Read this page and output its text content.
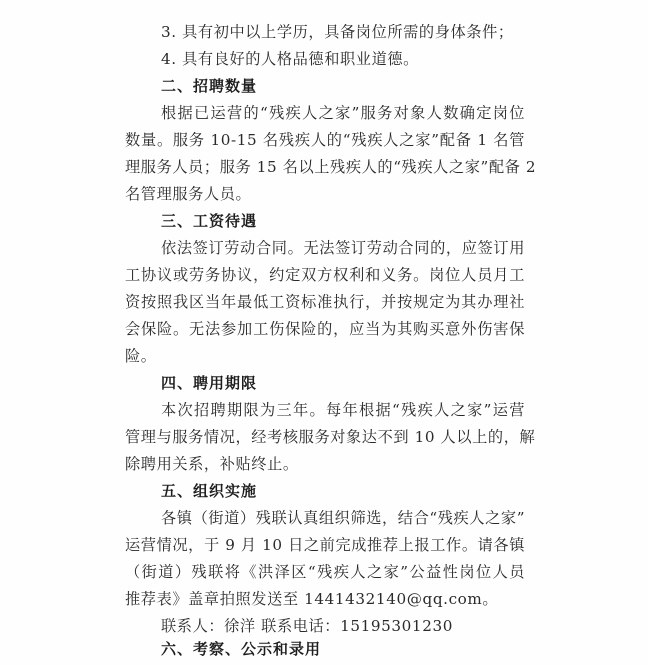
3. 具有初中以上学历，具备岗位所需的身体条件；
4. 具有良好的人格品德和职业道德。
二、招聘数量
根据已运营的“残疾人之家”服务对象人数确定岗位
数量。服务 10-15 名残疾人的“残疾人之家”配备 1 名管
理服务人员；服务 15 名以上残疾人的“残疾人之家”配备 2
名管理服务人员。
三、工资待遇
依法签订劳动合同。无法签订劳动合同的，应签订用
工协议或劳务协议，约定双方权利和义务。岗位人员月工
资按照我区当年最低工资标准执行，并按规定为其办理社
会保险。无法参加工伤保险的，应当为其购买意外伤害保
险。
四、聘用期限
本次招聘期限为三年。每年根据“残疾人之家”运营
管理与服务情况，经考核服务对象达不到 10 人以上的，解
除聘用关系，补贴终止。
五、组织实施
各镇（街道）残联认真组织筛选，结合“残疾人之家”
运营情况，于 9 月 10 日之前完成推荐上报工作。请各镇
（街道）残联将《洪泽区“残疾人之家”公益性岗位人员
推荐表》盖章拍照发送至 1441432140@qq.com。
联系人：徐洋 联系电话：15195301230
六、考察、公示和录用
